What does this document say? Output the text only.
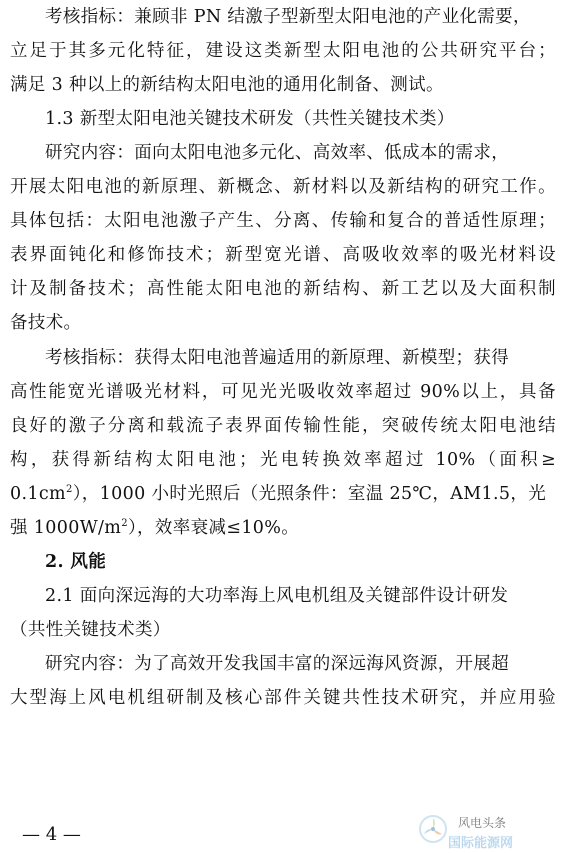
考核指标：兼顾非 PN 结激子型新型太阳电池的产业化需要，
立足于其多元化特征，建设这类新型太阳电池的公共研究平台；
满足 3 种以上的新结构太阳电池的通用化制备、测试。
1.3 新型太阳电池关键技术研发（共性关键技术类）
研究内容：面向太阳电池多元化、高效率、低成本的需求，
开展太阳电池的新原理、新概念、新材料以及新结构的研究工作。
具体包括：太阳电池激子产生、分离、传输和复合的普适性原理；
表界面钝化和修饰技术；新型宽光谱、高吸收效率的吸光材料设
计及制备技术；高性能太阳电池的新结构、新工艺以及大面积制
备技术。
考核指标：获得太阳电池普遍适用的新原理、新模型；获得
高性能宽光谱吸光材料，可见光光吸收效率超过 90%以上，具备
良好的激子分离和载流子表界面传输性能，突破传统太阳电池结
构，获得新结构太阳电池；光电转换效率超过 10%（面积≥
$0.1cm^2$），1000 小时光照后（光照条件：室温 25℃，AM1.5，光
强 $1000W/m^2$），效率衰减≤10%。
2. 风能
2.1 面向深远海的大功率海上风电机组及关键部件设计研发
（共性关键技术类）
研究内容：为了高效开发我国丰富的深远海风资源，开展超
大型海上风电机组研制及核心部件关键共性技术研究，并应用验
— 4 —
风电头条
国际能源网
